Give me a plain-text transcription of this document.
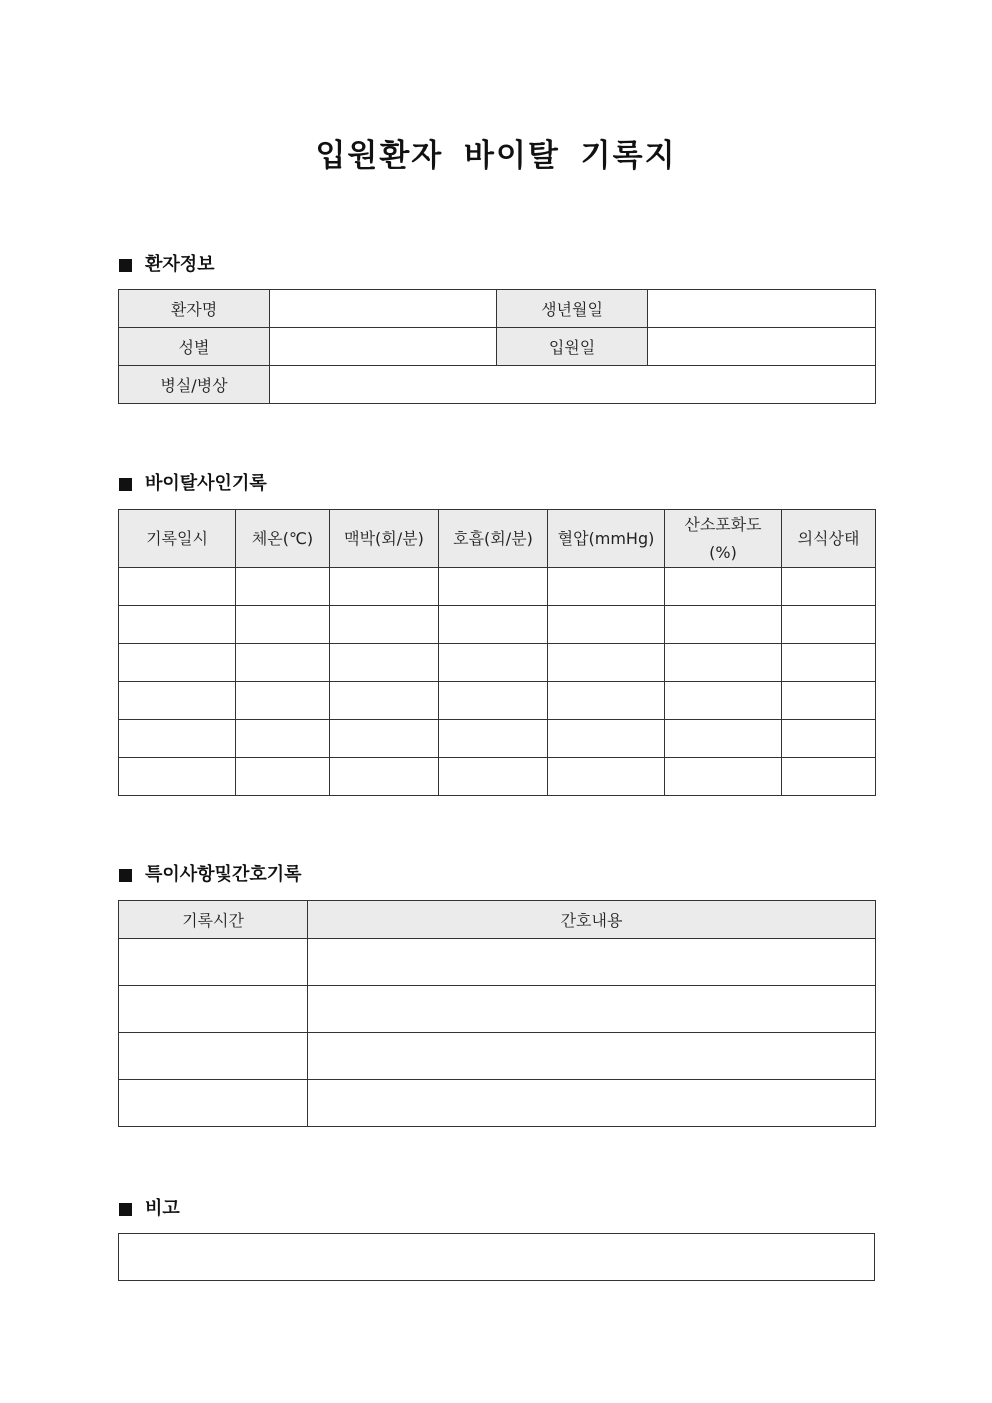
입원환자 바이탈 기록지
환자정보
환자명		생년월일	
성별		입원일	
병실/병상			
바이탈사인기록
기록일시	체온(℃)	맥박(회/분)	호흡(회/분)	혈압(mmHg)	산소포화도(%)	의식상태

특이사항및간호기록
기록시간	간호내용

비고
